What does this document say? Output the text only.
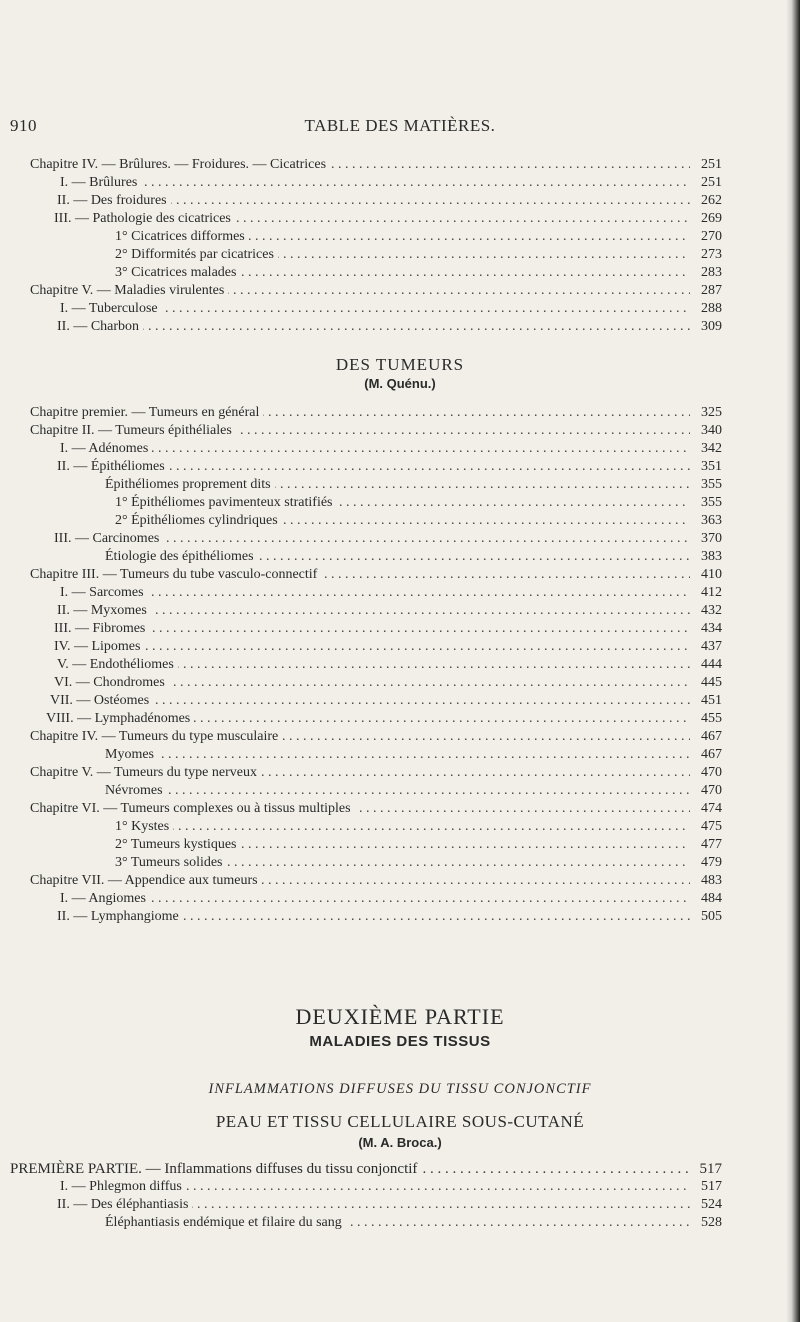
910	TABLE DES MATIÈRES.
Chapitre IV. — Brûlures. — Froidures. — Cicatrices . . .	251
I. — Brûlures . . .	251
II. — Des froidures . . .	262
III. — Pathologie des cicatrices . . .	269
1° Cicatrices difformes . . .	270
2° Difformités par cicatrices . . .	273
3° Cicatrices malades . . .	283
Chapitre V. — Maladies virulentes . . .	287
I. — Tuberculose . . .	288
II. — Charbon . . .	309
DES TUMEURS
(M. Quénu.)
Chapitre premier. — Tumeurs en général . . .	325
Chapitre II. — Tumeurs épithéliales . . .	340
I. — Adénomes . . .	342
II. — Épithéliomes . . .	351
Épithéliomes proprement dits . . .	355
1° Épithéliomes pavimenteux stratifiés . . .	355
2° Épithéliomes cylindriques . . .	363
III. — Carcinomes . . .	370
Étiologie des épithéliomes . . .	383
Chapitre III. — Tumeurs du tube vasculo-connectif . . .	410
I. — Sarcomes . . .	412
II. — Myxomes . . .	432
III. — Fibromes . . .	434
IV. — Lipomes . . .	437
V. — Endothéliomes . . .	444
VI. — Chondromes . . .	445
VII. — Ostéomes . . .	451
VIII. — Lymphadénomes . . .	455
Chapitre IV. — Tumeurs du type musculaire . . .	467
Myomes . . .	467
Chapitre V. — Tumeurs du type nerveux . . .	470
Névromes . . .	470
Chapitre VI. — Tumeurs complexes ou à tissus multiples . . .	474
1° Kystes . . .	475
2° Tumeurs kystiques . . .	477
3° Tumeurs solides . . .	479
Chapitre VII. — Appendice aux tumeurs . . .	483
I. — Angiomes . . .	484
II. — Lymphangiome . . .	505
DEUXIÈME PARTIE
MALADIES DES TISSUS
INFLAMMATIONS DIFFUSES DU TISSU CONJONCTIF
PEAU ET TISSU CELLULAIRE SOUS-CUTANÉ
(M. A. Broca.)
PREMIÈRE PARTIE. — Inflammations diffuses du tissu conjonctif . . .	517
I. — Phlegmon diffus . . .	517
II. — Des éléphantiasis . . .	524
Éléphantiasis endémique et filaire du sang . . .	528
